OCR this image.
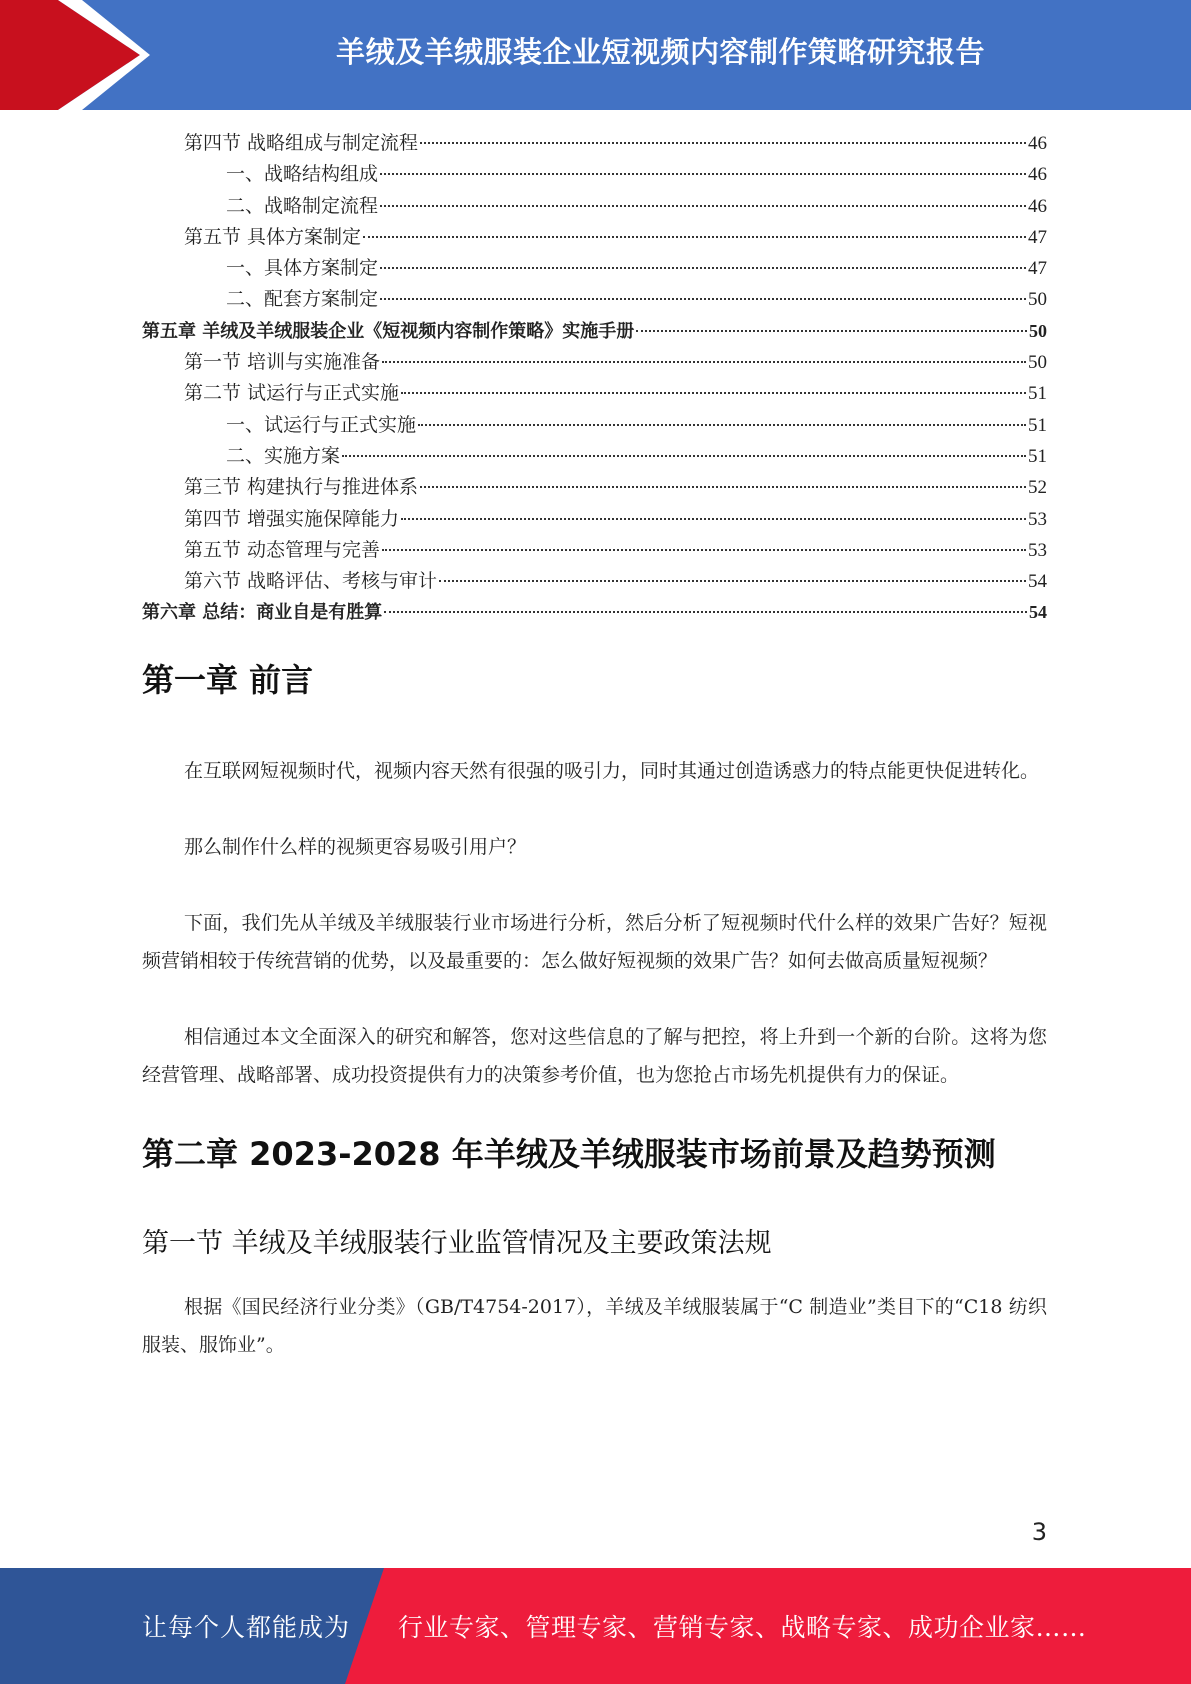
羊绒及羊绒服装企业短视频内容制作策略研究报告
第四节 战略组成与制定流程	46
一、战略结构组成	46
二、战略制定流程	46
第五节 具体方案制定	47
一、具体方案制定	47
二、配套方案制定	50
第五章 羊绒及羊绒服装企业《短视频内容制作策略》实施手册	50
第一节 培训与实施准备	50
第二节 试运行与正式实施	51
一、试运行与正式实施	51
二、实施方案	51
第三节 构建执行与推进体系	52
第四节 增强实施保障能力	53
第五节 动态管理与完善	53
第六节 战略评估、考核与审计	54
第六章 总结：商业自是有胜算	54
第一章 前言

在互联网短视频时代，视频内容天然有很强的吸引力，同时其通过创造诱惑力的特点能更快促进转化。

那么制作什么样的视频更容易吸引用户？

下面，我们先从羊绒及羊绒服装行业市场进行分析，然后分析了短视频时代什么样的效果广告好？短视频营销相较于传统营销的优势，以及最重要的：怎么做好短视频的效果广告？如何去做高质量短视频？

相信通过本文全面深入的研究和解答，您对这些信息的了解与把控，将上升到一个新的台阶。这将为您经营管理、战略部署、成功投资提供有力的决策参考价值，也为您抢占市场先机提供有力的保证。

第二章 2023-2028 年羊绒及羊绒服装市场前景及趋势预测
第一节 羊绒及羊绒服装行业监管情况及主要政策法规

根据《国民经济行业分类》（GB/T4754-2017），羊绒及羊绒服装属于“C 制造业”类目下的“C18 纺织服装、服饰业”。

3
让每个人都能成为 行业专家、管理专家、营销专家、战略专家、成功企业家……
